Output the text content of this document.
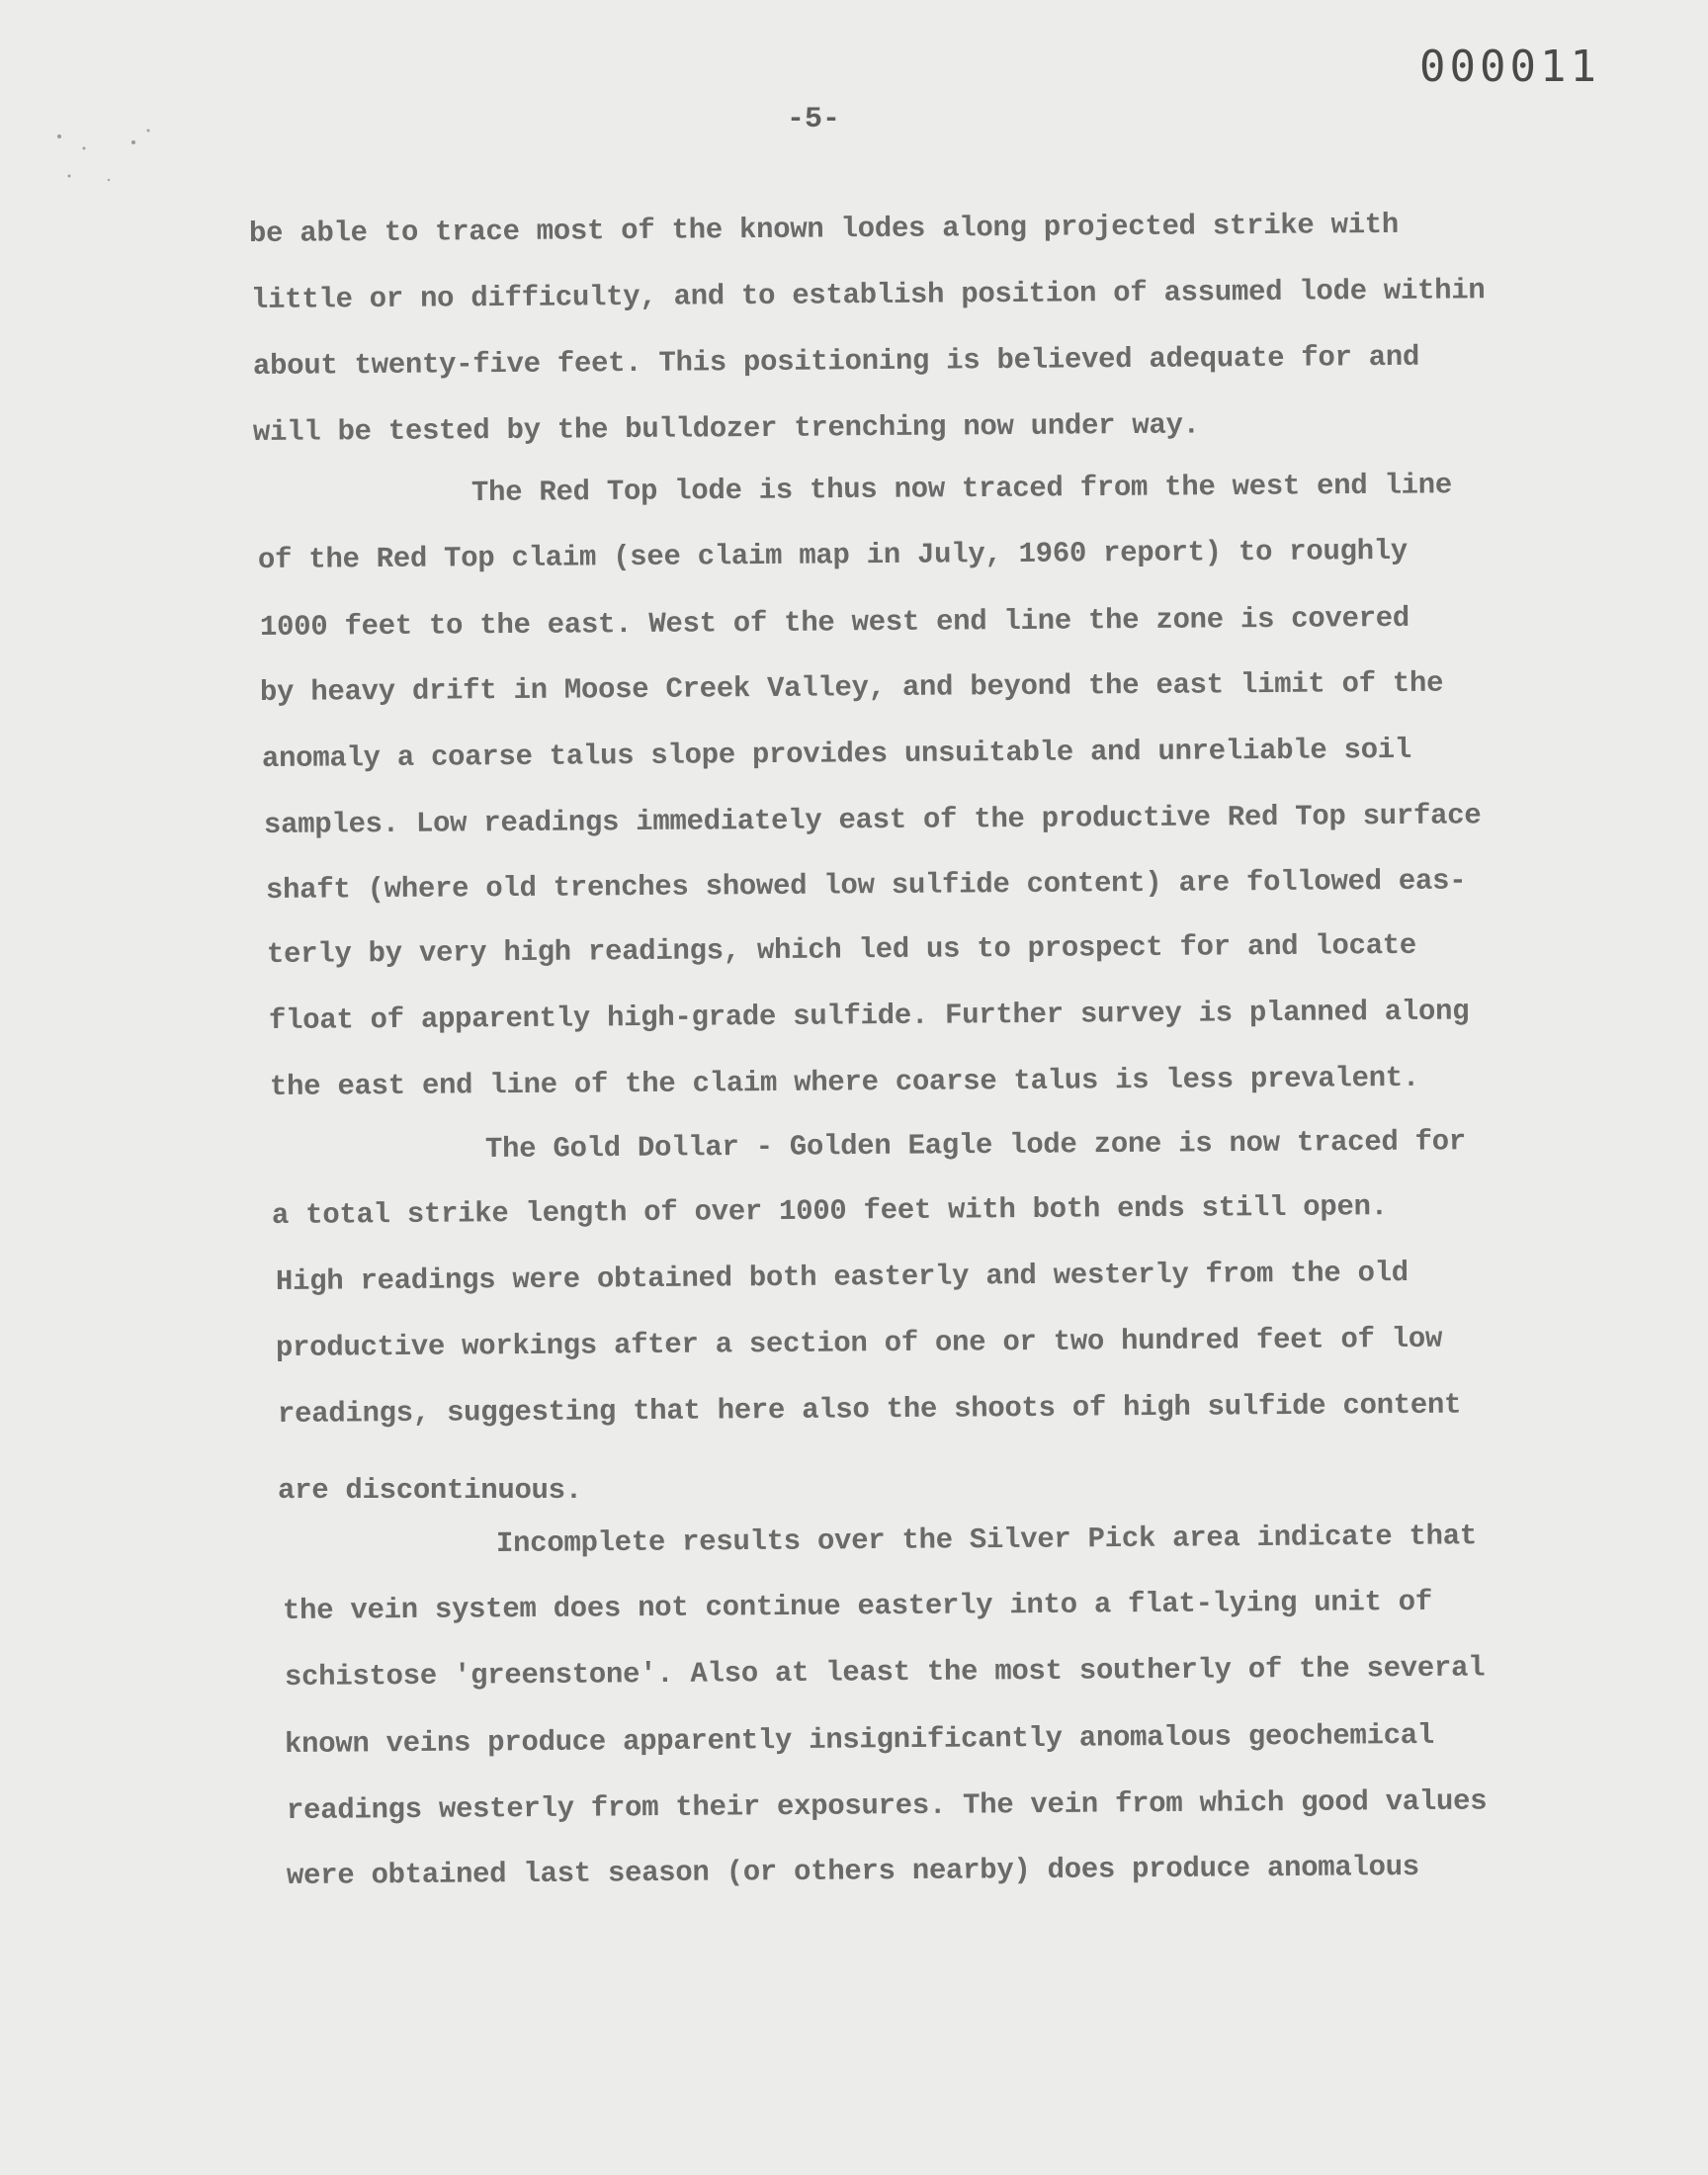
000011
-5-
be able to trace most of the known lodes along projected strike with
little or no difficulty, and to establish position of assumed lode within
about twenty-five feet. This positioning is believed adequate for and
will be tested by the bulldozer trenching now under way.
The Red Top lode is thus now traced from the west end line
of the Red Top claim (see claim map in July, 1960 report) to roughly
1000 feet to the east. West of the west end line the zone is covered
by heavy drift in Moose Creek Valley, and beyond the east limit of the
anomaly a coarse talus slope provides unsuitable and unreliable soil
samples. Low readings immediately east of the productive Red Top surface
shaft (where old trenches showed low sulfide content) are followed eas-
terly by very high readings, which led us to prospect for and locate
float of apparently high-grade sulfide. Further survey is planned along
the east end line of the claim where coarse talus is less prevalent.
The Gold Dollar - Golden Eagle lode zone is now traced for
a total strike length of over 1000 feet with both ends still open.
High readings were obtained both easterly and westerly from the old
productive workings after a section of one or two hundred feet of low
readings, suggesting that here also the shoots of high sulfide content
are discontinuous.
Incomplete results over the Silver Pick area indicate that
the vein system does not continue easterly into a flat-lying unit of
schistose 'greenstone'. Also at least the most southerly of the several
known veins produce apparently insignificantly anomalous geochemical
readings westerly from their exposures. The vein from which good values
were obtained last season (or others nearby) does produce anomalous
